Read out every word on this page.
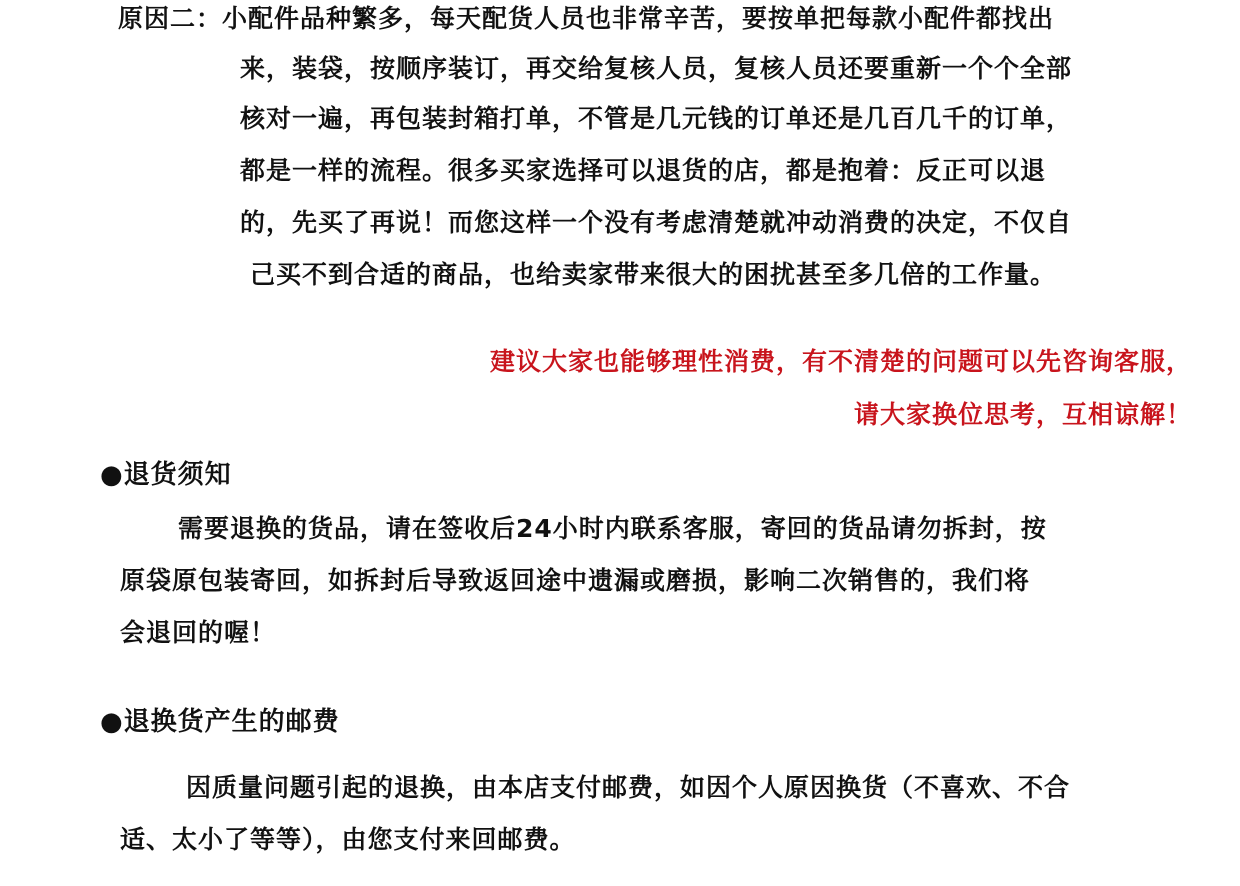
原因二：小配件品种繁多，每天配货人员也非常辛苦，要按单把每款小配件都找出
来，装袋，按顺序装订，再交给复核人员，复核人员还要重新一个个全部
核对一遍，再包装封箱打单，不管是几元钱的订单还是几百几千的订单，
都是一样的流程。很多买家选择可以退货的店，都是抱着：反正可以退
的，先买了再说！而您这样一个没有考虑清楚就冲动消费的决定，不仅自
己买不到合适的商品，也给卖家带来很大的困扰甚至多几倍的工作量。
建议大家也能够理性消费，有不清楚的问题可以先咨询客服，
请大家换位思考，互相谅解！
●退货须知
需要退换的货品，请在签收后24小时内联系客服，寄回的货品请勿拆封，按
原袋原包装寄回，如拆封后导致返回途中遗漏或磨损，影响二次销售的，我们将
会退回的喔！
●退换货产生的邮费
因质量问题引起的退换，由本店支付邮费，如因个人原因换货（不喜欢、不合
适、太小了等等），由您支付来回邮费。
